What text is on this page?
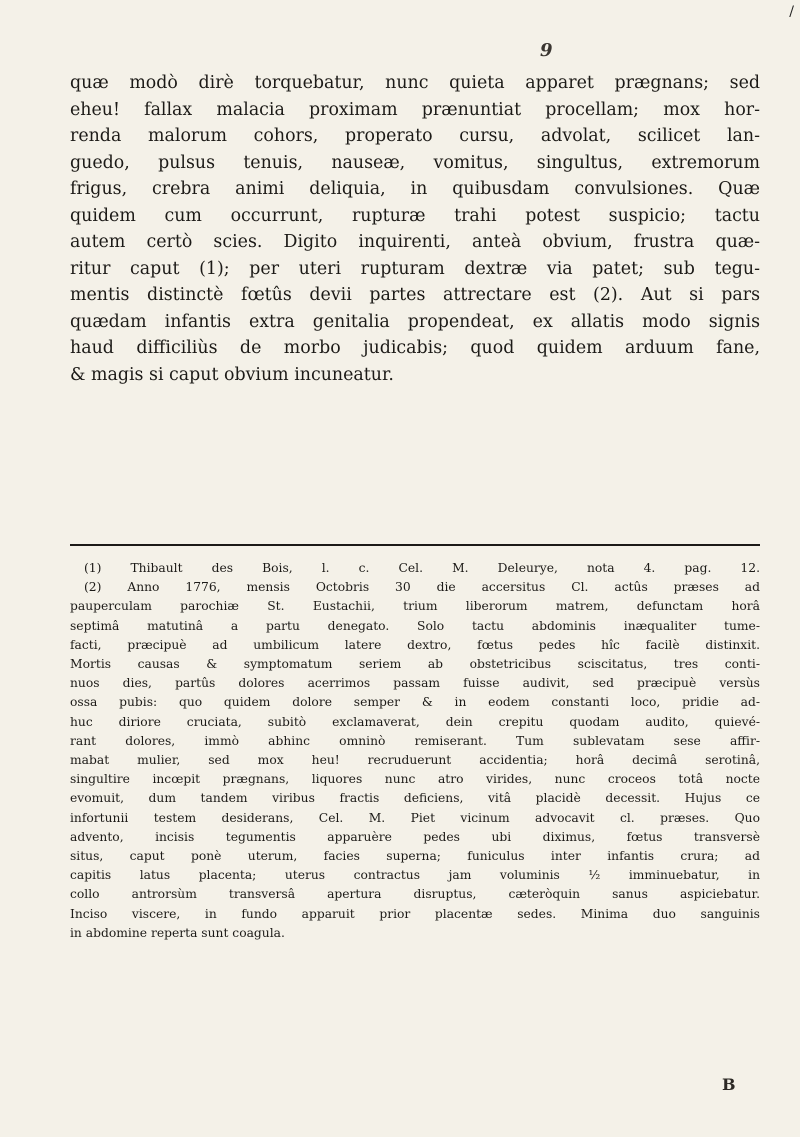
/
9
quæ modò dirè torquebatur, nunc quieta apparet prægnans; sed
eheu! fallax malacia proximam prænuntiat procellam; mox hor-
renda malorum cohors, properato cursu, advolat, scilicet lan-
guedo, pulsus tenuis, nauseæ, vomitus, singultus, extremorum
frigus, crebra animi deliquia, in quibusdam convulsiones. Quæ
quidem cum occurrunt, rupturæ trahi potest suspicio; tactu
autem certò scies. Digito inquirenti, anteà obvium, frustra quæ-
ritur caput (1); per uteri rupturam dextræ via patet; sub tegu-
mentis distinctè fœtûs devii partes attrectare est (2). Aut si pars
quædam infantis extra genitalia propendeat, ex allatis modo signis
haud difficiliùs de morbo judicabis; quod quidem arduum fane,
& magis si caput obvium incuneatur.
(1) Thibault des Bois, l. c. Cel. M. Deleurye, nota 4. pag. 12.
(2) Anno 1776, mensis Octobris 30 die accersitus Cl. actûs præses ad
pauperculam parochiæ St. Eustachii, trium liberorum matrem, defunctam horâ
septimâ matutinâ a partu denegato. Solo tactu abdominis inæqualiter tume-
facti, præcipuè ad umbilicum latere dextro, fœtus pedes hîc facilè distinxit.
Mortis causas & symptomatum seriem ab obstetricibus sciscitatus, tres conti-
nuos dies, partûs dolores acerrimos passam fuisse audivit, sed præcipuè versùs
ossa pubis: quo quidem dolore semper & in eodem constanti loco, pridie ad-
huc diriore cruciata, subitò exclamaverat, dein crepitu quodam audito, quievé-
rant dolores, immò abhinc omninò remiserant. Tum sublevatam sese affir-
mabat mulier, sed mox heu! recruduerunt accidentia; horâ decimâ serotinâ,
singultire incœpit prægnans, liquores nunc atro virides, nunc croceos totâ nocte
evomuit, dum tandem viribus fractis deficiens, vitâ placidè decessit. Hujus ce
infortunii testem desiderans, Cel. M. Piet vicinum advocavit cl. præses. Quo
advento, incisis tegumentis apparuère pedes ubi diximus, fœtus transversè
situs, caput ponè uterum, facies superna; funiculus inter infantis crura; ad
capitis latus placenta; uterus contractus jam voluminis ½ imminuebatur, in
collo antrorsùm transversâ apertura disruptus, cæteròquin sanus aspiciebatur.
Inciso viscere, in fundo apparuit prior placentæ sedes. Minima duo sanguinis
in abdomine reperta sunt coagula.
B
